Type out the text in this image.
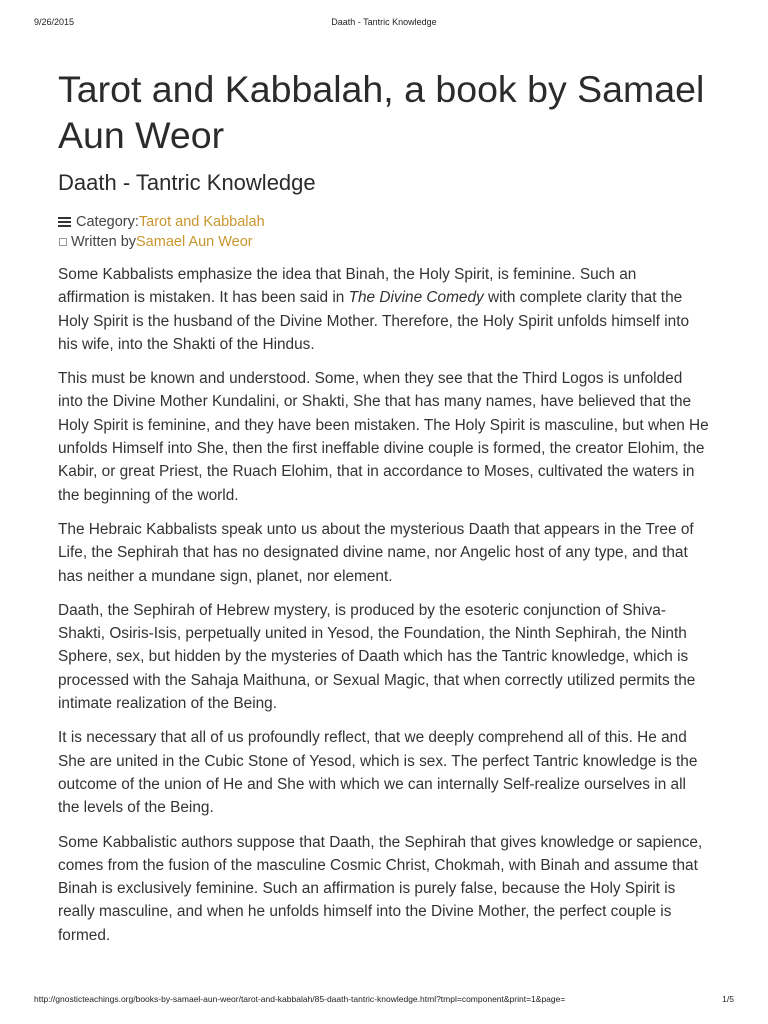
9/26/2015	Daath - Tantric Knowledge
Tarot and Kabbalah, a book by Samael Aun Weor
Daath - Tantric Knowledge
Category: Tarot and Kabbalah
Written by Samael Aun Weor

Some Kabbalists emphasize the idea that Binah, the Holy Spirit, is feminine. Such an affirmation is mistaken. It has been said in The Divine Comedy with complete clarity that the Holy Spirit is the husband of the Divine Mother. Therefore, the Holy Spirit unfolds himself into his wife, into the Shakti of the Hindus.

This must be known and understood. Some, when they see that the Third Logos is unfolded into the Divine Mother Kundalini, or Shakti, She that has many names, have believed that the Holy Spirit is feminine, and they have been mistaken. The Holy Spirit is masculine, but when He unfolds Himself into She, then the first ineffable divine couple is formed, the creator Elohim, the Kabir, or great Priest, the Ruach Elohim, that in accordance to Moses, cultivated the waters in the beginning of the world.

The Hebraic Kabbalists speak unto us about the mysterious Daath that appears in the Tree of Life, the Sephirah that has no designated divine name, nor Angelic host of any type, and that has neither a mundane sign, planet, nor element.

Daath, the Sephirah of Hebrew mystery, is produced by the esoteric conjunction of Shiva-Shakti, Osiris-Isis, perpetually united in Yesod, the Foundation, the Ninth Sephirah, the Ninth Sphere, sex, but hidden by the mysteries of Daath which has the Tantric knowledge, which is processed with the Sahaja Maithuna, or Sexual Magic, that when correctly utilized permits the intimate realization of the Being.

It is necessary that all of us profoundly reflect, that we deeply comprehend all of this. He and She are united in the Cubic Stone of Yesod, which is sex. The perfect Tantric knowledge is the outcome of the union of He and She with which we can internally Self-realize ourselves in all the levels of the Being.

Some Kabbalistic authors suppose that Daath, the Sephirah that gives knowledge or sapience, comes from the fusion of the masculine Cosmic Christ, Chokmah, with Binah and assume that Binah is exclusively feminine. Such an affirmation is purely false, because the Holy Spirit is really masculine, and when he unfolds himself into the Divine Mother, the perfect couple is formed.

http://gnosticteachings.org/books-by-samael-aun-weor/tarot-and-kabbalah/85-daath-tantric-knowledge.html?tmpl=component&print=1&page=	1/5
